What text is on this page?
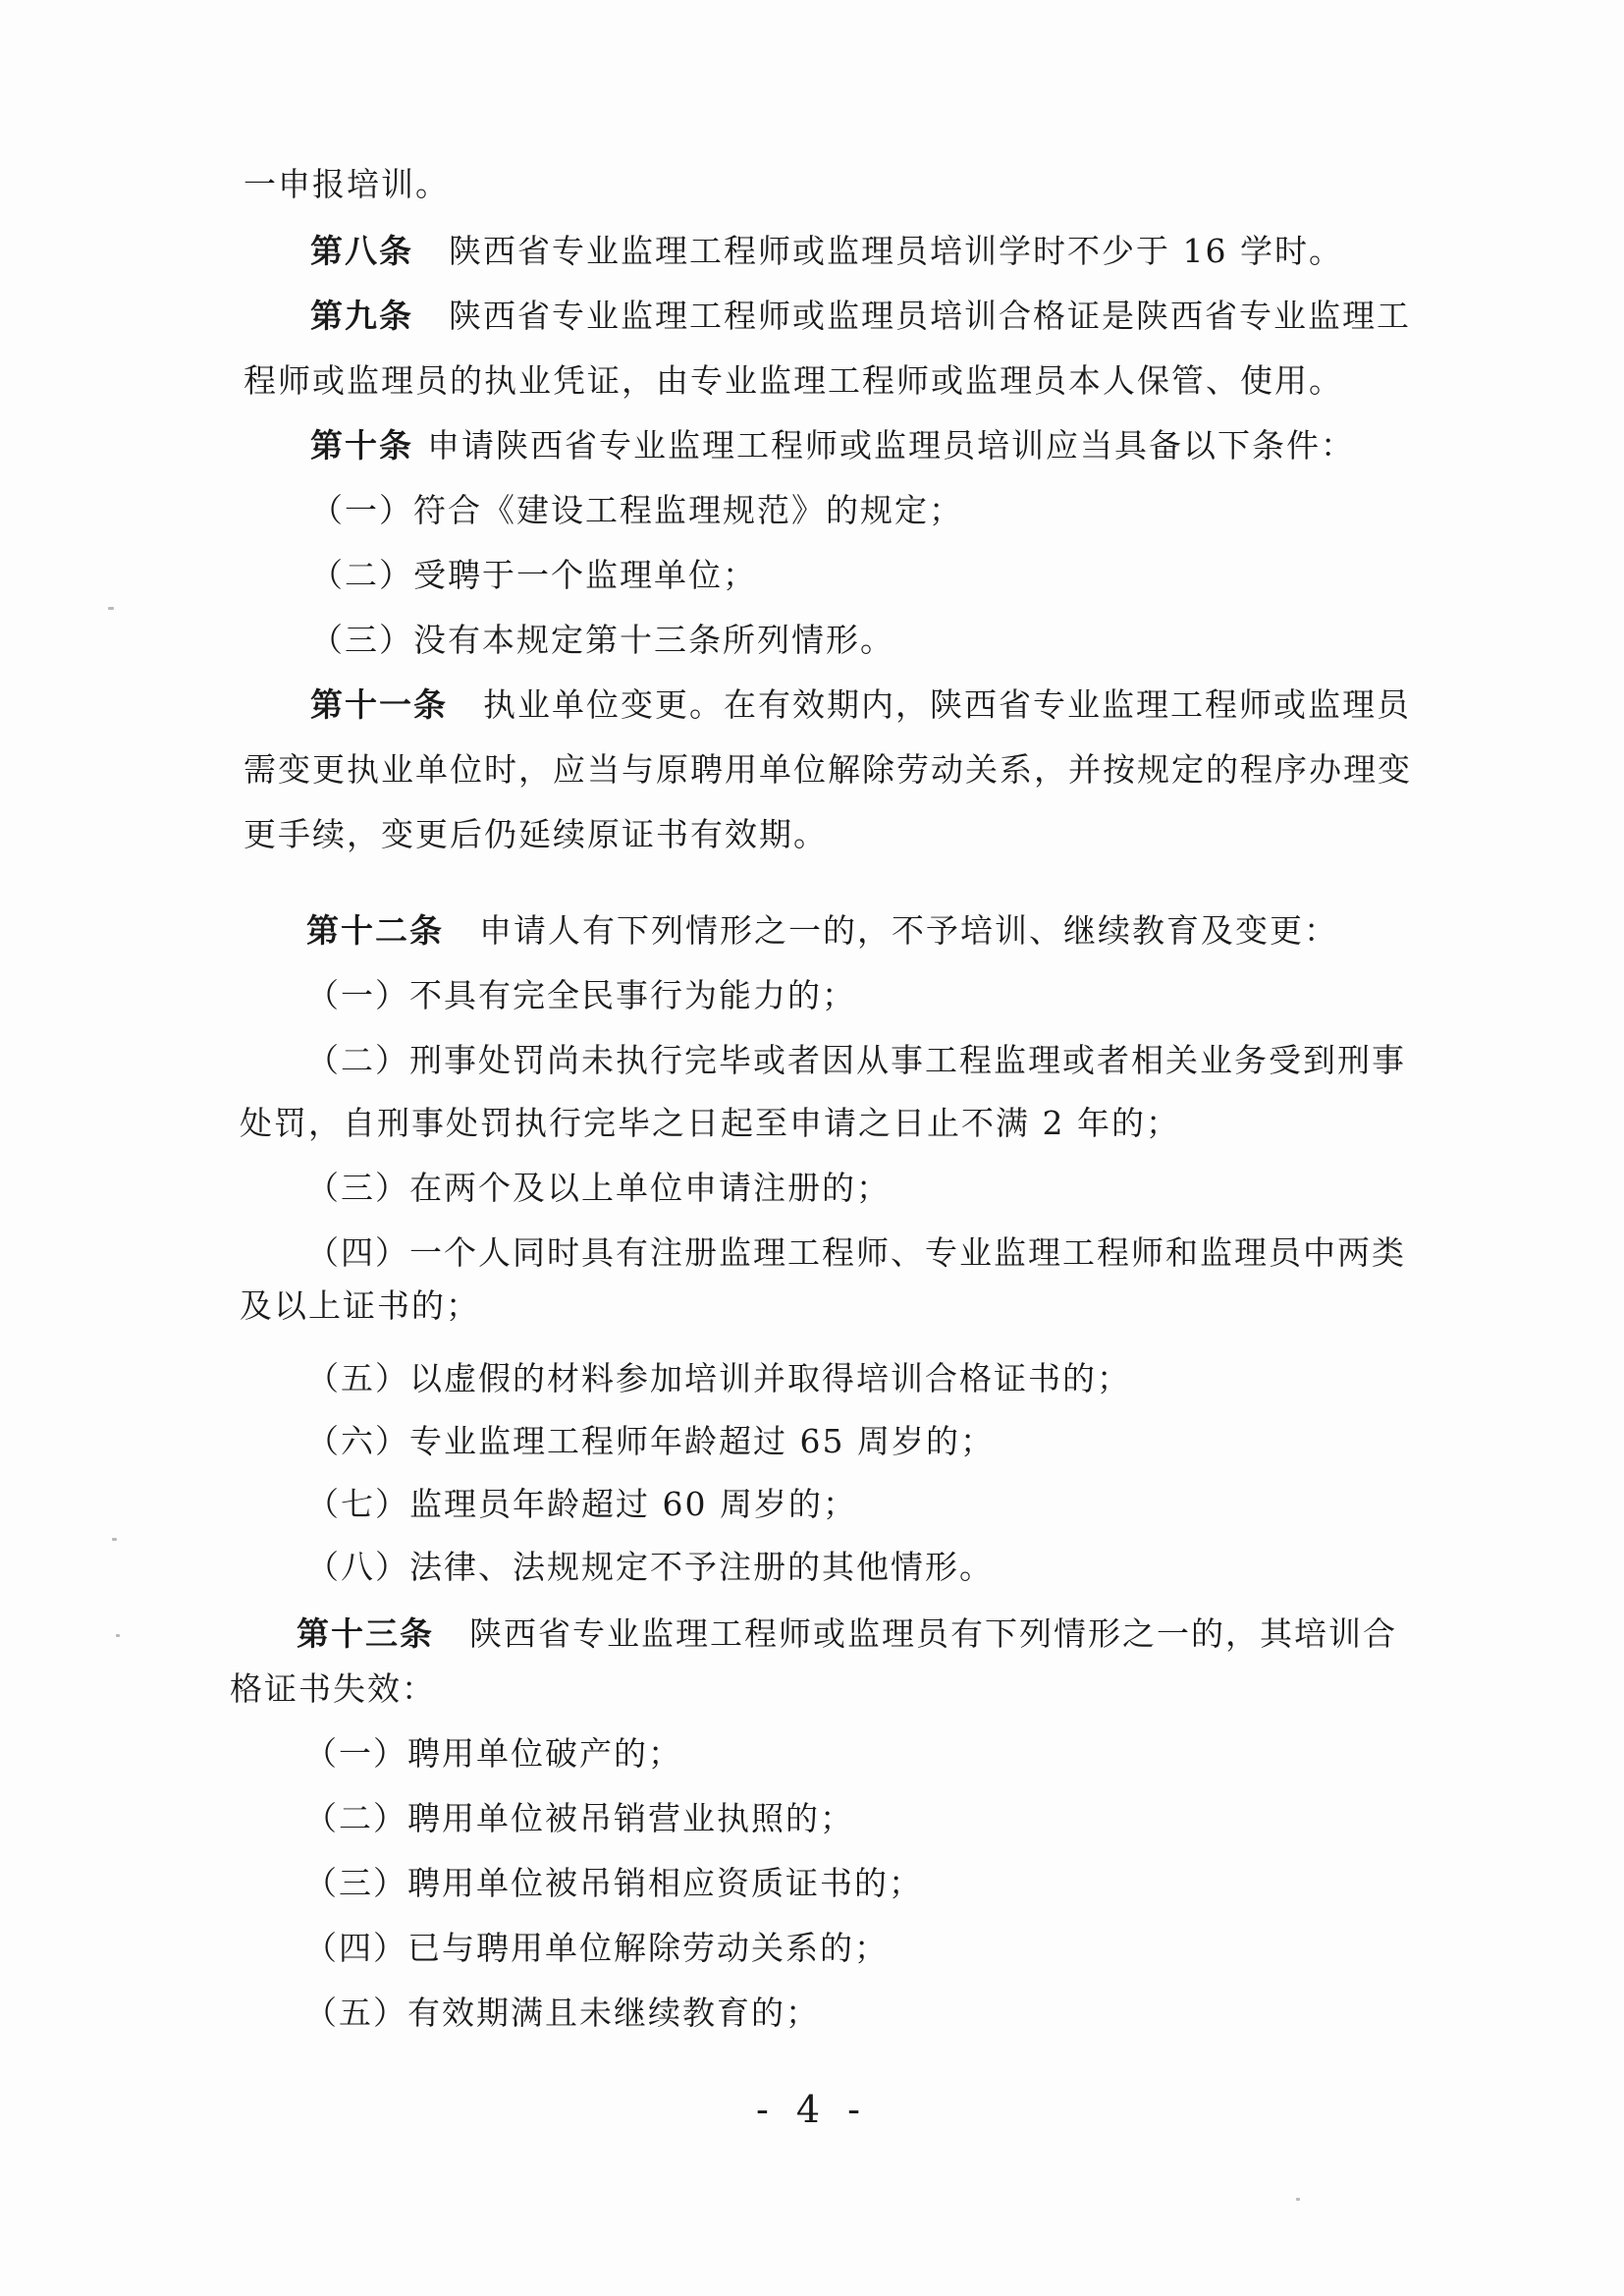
一申报培训。
第八条 陕西省专业监理工程师或监理员培训学时不少于 16 学时。
第九条 陕西省专业监理工程师或监理员培训合格证是陕西省专业监理工
程师或监理员的执业凭证，由专业监理工程师或监理员本人保管、使用。
第十条 申请陕西省专业监理工程师或监理员培训应当具备以下条件：
（一）符合《建设工程监理规范》的规定；
（二）受聘于一个监理单位；
（三）没有本规定第十三条所列情形。
第十一条 执业单位变更。在有效期内，陕西省专业监理工程师或监理员
需变更执业单位时，应当与原聘用单位解除劳动关系，并按规定的程序办理变
更手续，变更后仍延续原证书有效期。
第十二条 申请人有下列情形之一的，不予培训、继续教育及变更：
（一）不具有完全民事行为能力的；
（二）刑事处罚尚未执行完毕或者因从事工程监理或者相关业务受到刑事
处罚，自刑事处罚执行完毕之日起至申请之日止不满 2 年的；
（三）在两个及以上单位申请注册的；
（四）一个人同时具有注册监理工程师、专业监理工程师和监理员中两类
及以上证书的；
（五）以虚假的材料参加培训并取得培训合格证书的；
（六）专业监理工程师年龄超过 65 周岁的；
（七）监理员年龄超过 60 周岁的；
（八）法律、法规规定不予注册的其他情形。
第十三条 陕西省专业监理工程师或监理员有下列情形之一的，其培训合
格证书失效：
（一）聘用单位破产的；
（二）聘用单位被吊销营业执照的；
（三）聘用单位被吊销相应资质证书的；
（四）已与聘用单位解除劳动关系的；
（五）有效期满且未继续教育的；
- 4 -
